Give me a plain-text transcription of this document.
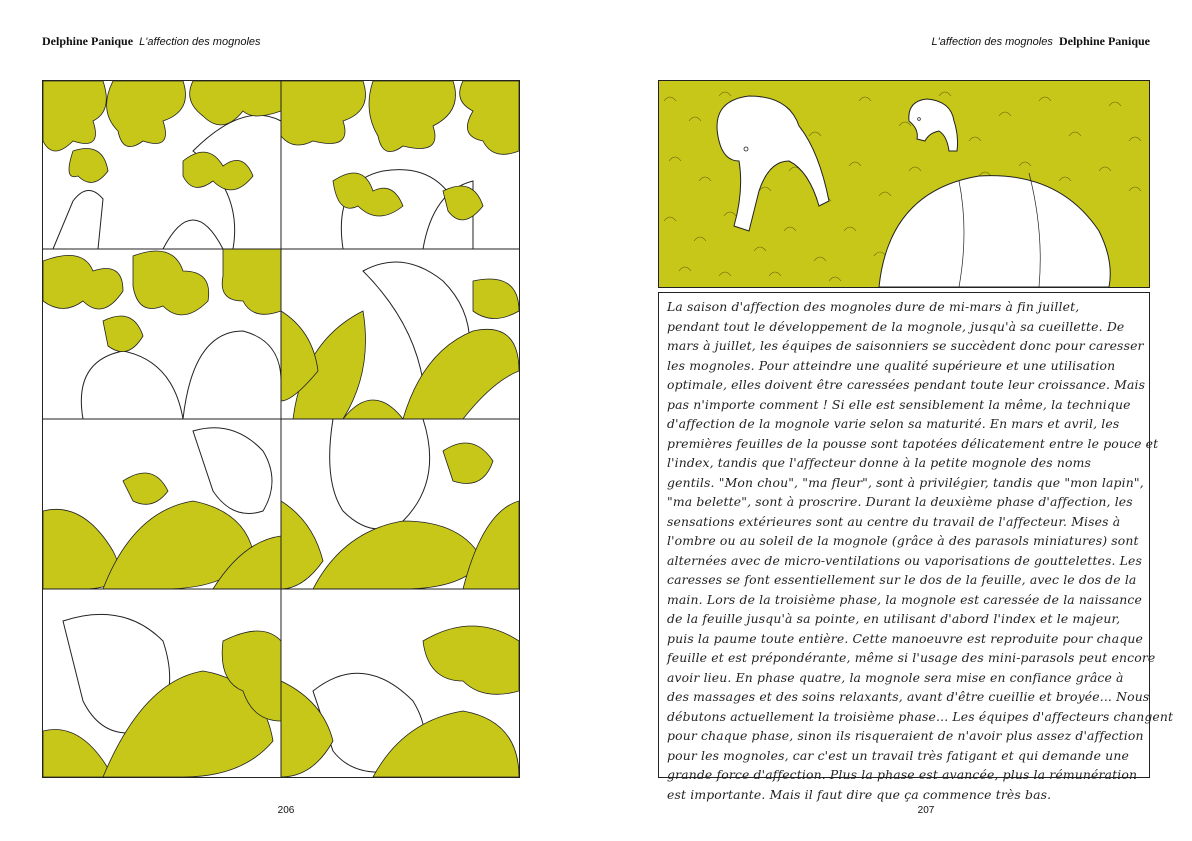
Delphine Panique L'affection des mognoles
206
L'affection des mognoles Delphine Panique
207
La saison d'affection des mognoles dure de mi-mars à fin juillet,
pendant tout le développement de la mognole, jusqu'à sa cueillette. De
mars à juillet, les équipes de saisonniers se succèdent donc pour caresser
les mognoles. Pour atteindre une qualité supérieure et une utilisation
optimale, elles doivent être caressées pendant toute leur croissance. Mais
pas n'importe comment ! Si elle est sensiblement la même, la technique
d'affection de la mognole varie selon sa maturité. En mars et avril, les
premières feuilles de la pousse sont tapotées délicatement entre le pouce et
l'index, tandis que l'affecteur donne à la petite mognole des noms
gentils. "Mon chou", "ma fleur", sont à privilégier, tandis que "mon lapin",
"ma belette", sont à proscrire. Durant la deuxième phase d'affection, les
sensations extérieures sont au centre du travail de l'affecteur. Mises à
l'ombre ou au soleil de la mognole (grâce à des parasols miniatures) sont
alternées avec de micro-ventilations ou vaporisations de gouttelettes. Les
caresses se font essentiellement sur le dos de la feuille, avec le dos de la
main. Lors de la troisième phase, la mognole est caressée de la naissance
de la feuille jusqu'à sa pointe, en utilisant d'abord l'index et le majeur,
puis la paume toute entière. Cette manoeuvre est reproduite pour chaque
feuille et est prépondérante, même si l'usage des mini-parasols peut encore
avoir lieu. En phase quatre, la mognole sera mise en confiance grâce à
des massages et des soins relaxants, avant d'être cueillie et broyée... Nous
débutons actuellement la troisième phase... Les équipes d'affecteurs changent
pour chaque phase, sinon ils risqueraient de n'avoir plus assez d'affection
pour les mognoles, car c'est un travail très fatigant et qui demande une
grande force d'affection. Plus la phase est avancée, plus la rémunération
est importante. Mais il faut dire que ça commence très bas.
